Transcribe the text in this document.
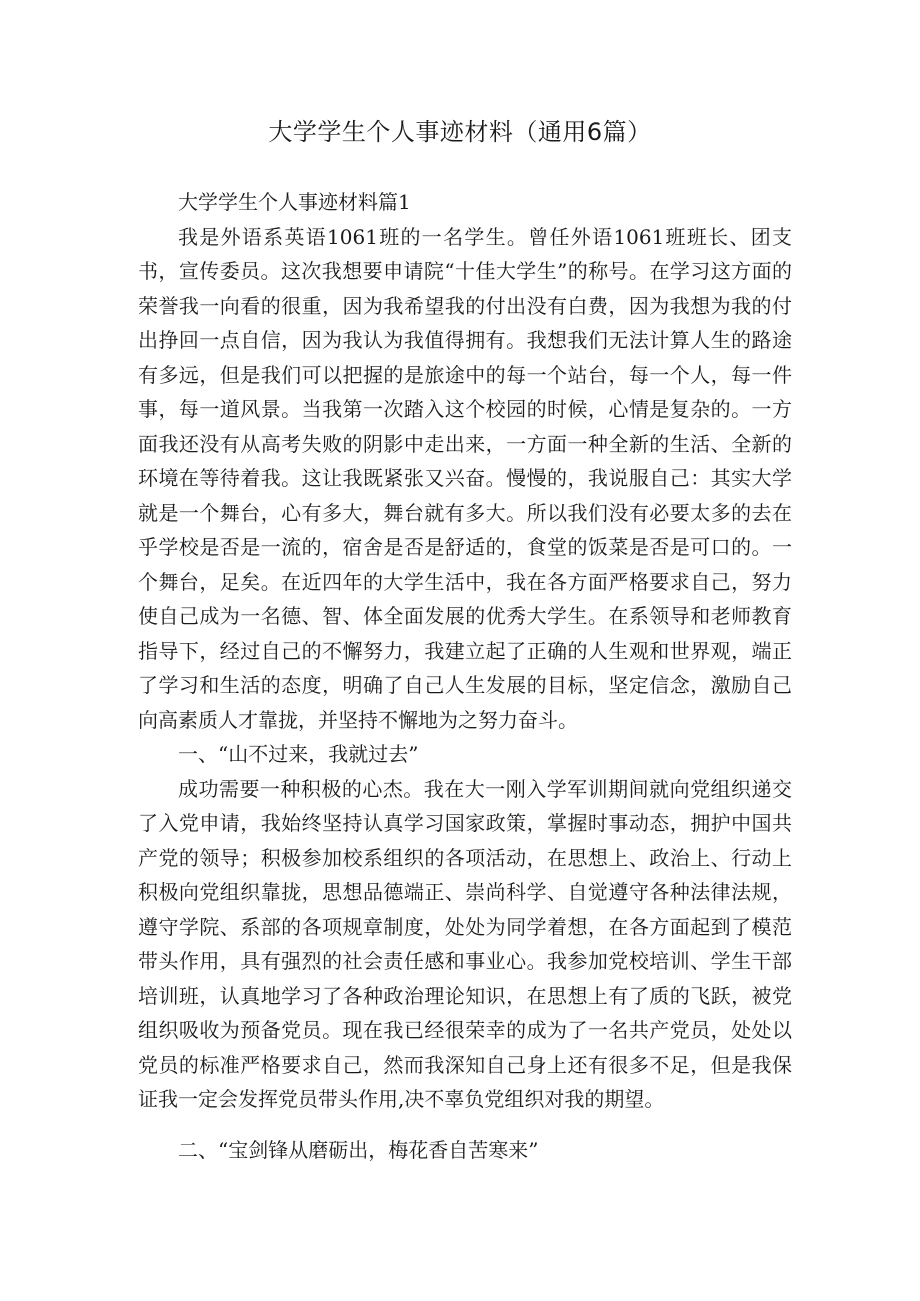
大学学生个人事迹材料（通用6篇）

大学学生个人事迹材料篇1

我是外语系英语1061班的一名学生。曾任外语1061班班长、团支书，宣传委员。这次我想要申请院“十佳大学生”的称号。在学习这方面的荣誉我一向看的很重，因为我希望我的付出没有白费，因为我想为我的付出挣回一点自信，因为我认为我值得拥有。我想我们无法计算人生的路途有多远，但是我们可以把握的是旅途中的每一个站台，每一个人，每一件事，每一道风景。当我第一次踏入这个校园的时候，心情是复杂的。一方面我还没有从高考失败的阴影中走出来，一方面一种全新的生活、全新的环境在等待着我。这让我既紧张又兴奋。慢慢的，我说服自己：其实大学就是一个舞台，心有多大，舞台就有多大。所以我们没有必要太多的去在乎学校是否是一流的，宿舍是否是舒适的，食堂的饭菜是否是可口的。一个舞台，足矣。在近四年的大学生活中，我在各方面严格要求自己，努力使自己成为一名德、智、体全面发展的优秀大学生。在系领导和老师教育指导下，经过自己的不懈努力，我建立起了正确的人生观和世界观，端正了学习和生活的态度，明确了自己人生发展的目标，坚定信念，激励自己向高素质人才靠拢，并坚持不懈地为之努力奋斗。

一、“山不过来，我就过去”

成功需要一种积极的心杰。我在大一刚入学军训期间就向党组织递交了入党申请，我始终坚持认真学习国家政策，掌握时事动态，拥护中国共产党的领导；积极参加校系组织的各项活动，在思想上、政治上、行动上积极向党组织靠拢，思想品德端正、崇尚科学、自觉遵守各种法律法规，遵守学院、系部的各项规章制度，处处为同学着想，在各方面起到了模范带头作用，具有强烈的社会责任感和事业心。我参加党校培训、学生干部培训班，认真地学习了各种政治理论知识，在思想上有了质的飞跃，被党组织吸收为预备党员。现在我已经很荣幸的成为了一名共产党员，处处以党员的标准严格要求自己，然而我深知自己身上还有很多不足，但是我保证我一定会发挥党员带头作用,决不辜负党组织对我的期望。

二、“宝剑锋从磨砺出，梅花香自苦寒来”
